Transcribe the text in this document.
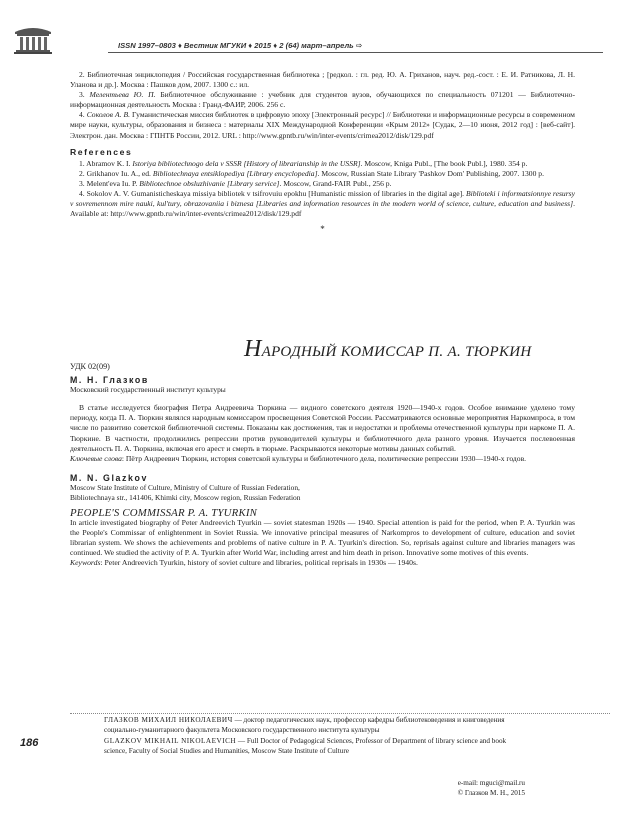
ISSN 1997–0803 ♦ Вестник МГУКИ ♦ 2015 ♦ 2 (64) март–апрель ⇨

2. Библиотечная энциклопедия / Российская государственная библиотека ; [редкол. : гл. ред. Ю. А. Гриханов, науч. ред.-сост. : Е. И. Ратникова, Л. Н. Уланова и др.]. Москва : Пашков дом, 2007. 1300 с.: ил.

3. Мелентьева Ю. П. Библиотечное обслуживание : учебник для студентов вузов, обучающихся по специальность 071201 — Библиотечно-информационная деятельность Москва : Гранд-ФАИР, 2006. 256 с.

4. Соколов А. В. Гуманистическая миссия библиотек в цифровую эпоху [Электронный ресурс] // Библиотеки и информационные ресурсы в современном мире науки, культуры, образования и бизнеса : материалы XIX Международной Конференции «Крым 2012» [Судак, 2—10 июня, 2012 год] : [веб-сайт]. Электрон. дан. Москва : ГПНТБ России, 2012. URL : http://www.gpntb.ru/win/inter-events/crimea2012/disk/129.pdf

References

1. Abramov K. I. Istoriya bibliotechnogo dela v SSSR [History of librarianship in the USSR]. Moscow, Kniga Publ., [The book Publ.], 1980. 354 p.

2. Grikhanov Iu. A., ed. Bibliotechnaya entsiklopediya [Library encyclopedia]. Moscow, Russian State Library 'Pashkov Dom' Publishing, 2007. 1300 p.

3. Melent'eva Iu. P. Bibliotechnoe obsluzhivanie [Library service]. Moscow, Grand-FAIR Publ., 256 p.

4. Sokolov A. V. Gumanisticheskaya missiya bibliotek v tsifrovuiu epokhu [Humanistic mission of libraries in the digital age]. Biblioteki i informatsionnye resursy v sovremennom mire nauki, kul'tury, obrazovaniia i biznesa [Libraries and information resources in the modern world of science, culture, education and business]. Available at: http://www.gpntb.ru/win/inter-events/crimea2012/disk/129.pdf

*
НАРОДНЫЙ КОМИССАР П. А. ТЮРКИН
УДК 02(09)
М. Н. Глазков
Московский государственный институт культуры

В статье исследуется биография Петра Андреевича Тюркина — видного советского деятеля 1920—1940-х годов. Особое внимание уделено тому периоду, когда П. А. Тюркин являлся народным комиссаром просвещения Советской России. Рассматриваются основные мероприятия Наркомпроса, в том числе по развитию советской библиотечной системы. Показаны как достижения, так и недостатки и проблемы отечественной культуры при наркоме П. А. Тюркине. В частности, продолжились репрессии против руководителей культуры и библиотечного дела разного уровня. Изучается послевоенная деятельность П. А. Тюркина, включая его арест и смерть в тюрьме. Раскрываются некоторые мотивы данных событий.

Ключевые слова: Пётр Андреевич Тюркин, история советской культуры и библиотечного дела, политические репрессии 1930—1940-х годов.

M. N. Glazkov
Moscow State Institute of Culture, Ministry of Culture of Russian Federation,
Bibliotechnaya str., 141406, Khimki city, Moscow region, Russian Federation
PEOPLE'S COMMISSAR P. A. TYURKIN

In article investigated biography of Peter Andreevich Tyurkin — soviet statesman 1920s — 1940. Special attention is paid for the period, when P. A. Tyurkin was the People's Commissar of enlightenment in Soviet Russia. We innovative principal measures of Narkompros to development of culture, education and soviet librarian system. We shows the achievements and problems of native culture in P. A. Tyurkin's direction. So, reprisals against culture and libraries managers was continued. We studied the activity of P. A. Tyurkin after World War, including arrest and him death in prison. Innovative some motives of this events.

Keywords: Peter Andreevich Tyurkin, history of soviet culture and libraries, political reprisals in 1930s — 1940s.

186

ГЛАЗКОВ МИХАИЛ НИКОЛАЕВИЧ — доктор педагогических наук, профессор кафедры библиотековедения и книговедения социально-гуманитарного факультета Московского государственного института культуры

GLAZKOV MIKHAIL NIKOLAEVICH — Full Doctor of Pedagogical Sciences, Professor of Department of library science and book science, Faculty of Social Studies and Humanities, Moscow State Institute of Culture

e-mail: mguci@mail.ru
© Глазков М. Н., 2015
